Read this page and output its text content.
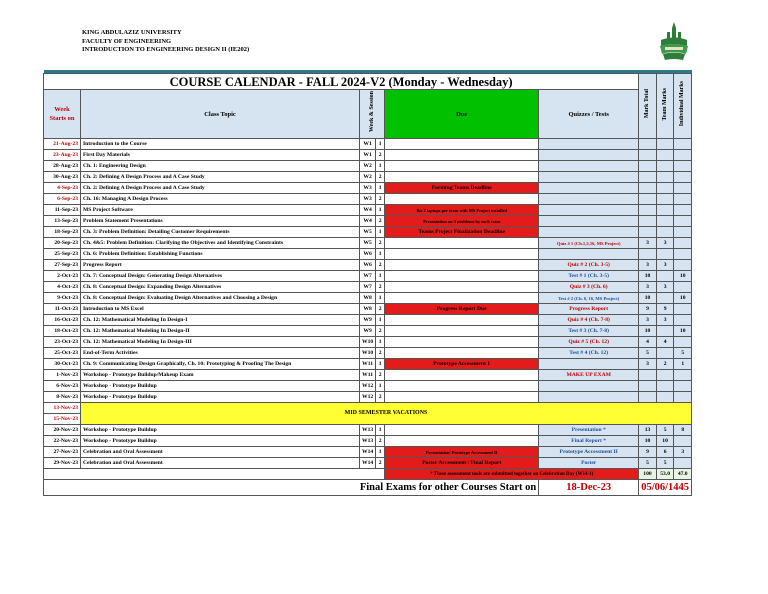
KING ABDULAZIZ UNIVERSITY
FACULTY OF ENGINEERING
INTRODUCTION TO ENGINEERING DESIGN II (IE202)

COURSE CALENDAR - FALL 2024-V2 (Monday - Wednesday)						Mark Total	Team Marks	Individual Marks
Week Starts on	Class Topic	Week & Session		Due	Quizzes / Tests			
21-Aug-23	Introduction to the Course	W1	1					
23-Aug-23	First Day Materials	W1	2					
28-Aug-23	Ch. 1: Engineering Design	W2	1					
30-Aug-23	Ch. 2: Defining A Design Process and A Case Study	W2	2					
4-Sep-23	Ch. 2: Defining A Design Process and A Case Study	W3	1	Forming Teams Deadline				
6-Sep-23	Ch. 16: Managing A Design Process	W3	2					
11-Sep-23	MS Project Software	W4	1	Bir 2 laptops per team with MS Project installed				
13-Sep-23	Problem Statement Presentations	W4	2	Presentation on 3 problems by each team				
18-Sep-23	Ch. 3: Problem Definition: Detailing Customer Requirements	W5	1	Teams Project Finalization Deadline				
20-Sep-23	Ch. 4&5: Problem Definition: Clarifying the Objectives and Identifying Constraints	W5	2		Quiz # 1 (Ch.1,2,16, MS Project)	3	3	
25-Sep-23	Ch. 6: Problem Definition: Establishing Functions	W6	1					
27-Sep-23	Progress Report	W6	2		Quiz # 2 (Ch. 3-5)	3	3	
2-Oct-23	Ch. 7: Conceptual Design: Generating Design Alternatives	W7	1		Test # 1 (Ch. 3-5)	10		10
4-Oct-23	Ch. 8: Conceptual Design: Expanding Design Alternatives	W7	2		Quiz # 3 (Ch. 6)	3	3	
9-Oct-23	Ch. 8: Conceptual Design: Evaluating Design Alternatives and Choosing a Design	W8	1		Test # 2 (Ch. 6, 16, MS Project)	10		10
11-Oct-23	Introduction to MS Excel	W8	2	Progress Report Due	Progress Report	9	9	
16-Oct-23	Ch. 12: Mathematical Modeling In Design-I	W9	1		Quiz # 4 (Ch. 7-8)	3	3	
18-Oct-23	Ch. 12: Mathematical Modeling In Design-II	W9	2		Test # 3 (Ch. 7-8)	10		10
23-Oct-23	Ch. 12: Mathematical Modeling In Design-III	W10	1		Quiz # 5 (Ch. 12)	4	4	
25-Oct-23	End-of-Term Activities	W10	2		Test # 4 (Ch. 12)	5		5
30-Oct-23	Ch. 9: Communicating Design Graphically, Ch. 10: Prototyping & Proofing The Design	W11	1	Prototype Accessment 1		3	2	1
1-Nov-23	Workshop - Prototype Buildup/Makeup Exam	W11	2		MAKE UP EXAM			
6-Nov-23	Workshop - Prototype Buildup	W12	1					
8-Nov-23	Workshop - Prototype Buildup	W12	2					
13-Nov-23	MID SEMESTER VACATIONS							
15-Nov-23								
20-Nov-23	Workshop - Prototype Buildup	W13	1		Presentation *	13	5	8
22-Nov-23	Workshop - Prototype Buildup	W13	2		Final Report *	10	10	
27-Nov-23	Celebration and Oral Assessment	W14	1	Presentation/ Prototype Accessment II	Prototype Accessment II	9	6	3
29-Nov-23	Celebration and Oral Assessment	W14	2	Poster Accessment / Final Report	Poster	5	5	
				* These assessment tools are submitted together on Celebration Day (W14-1)		100	53.0	47.0
Final Exams for other Courses Start on					18-Dec-23	05/06/1445		
